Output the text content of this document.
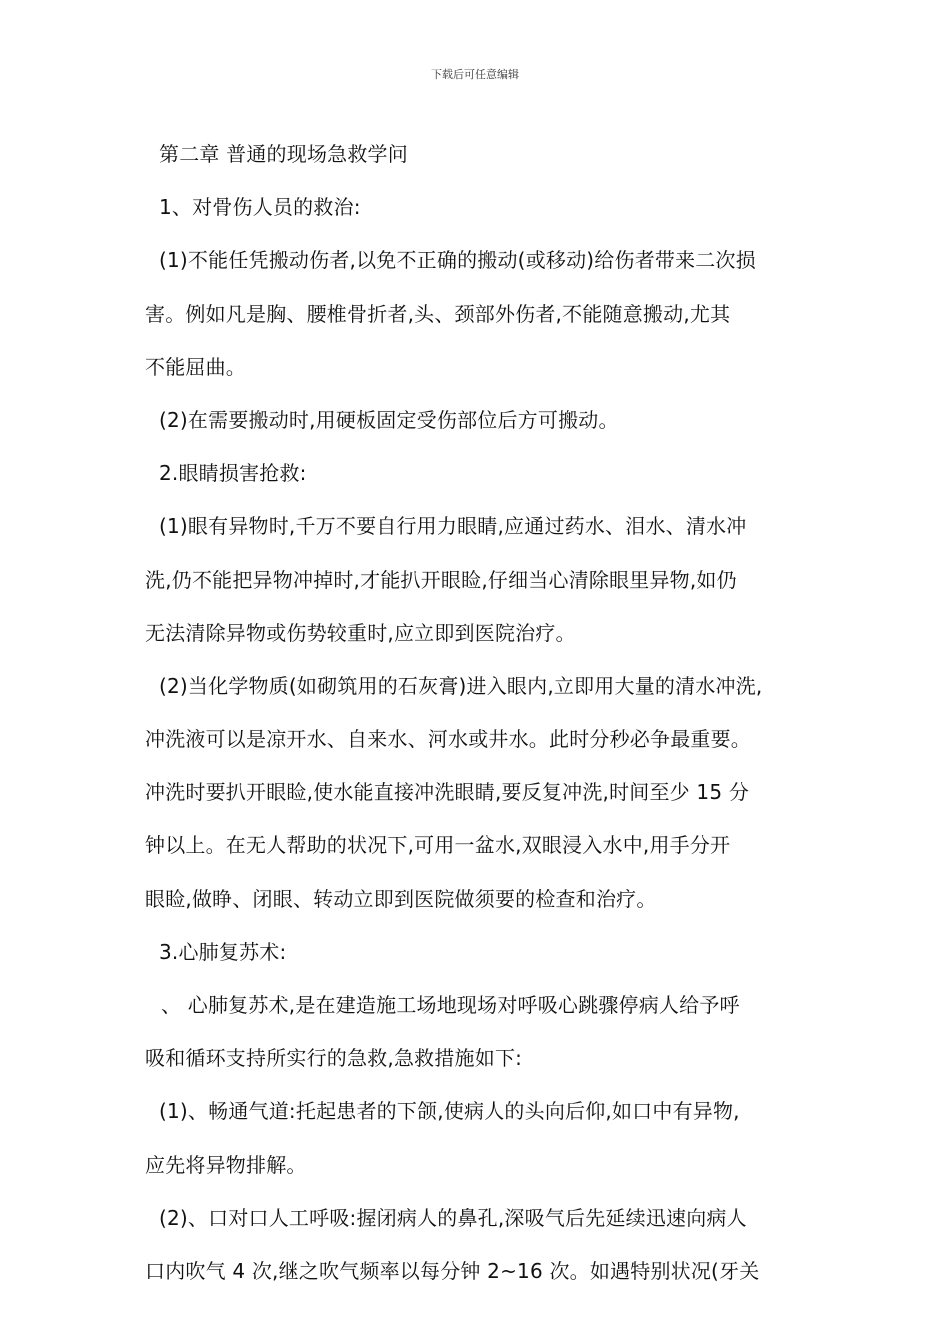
下载后可任意编辑
第二章 普通的现场急救学问
1、对骨伤人员的救治:
(1)不能任凭搬动伤者,以免不正确的搬动(或移动)给伤者带来二次损
害。例如凡是胸、腰椎骨折者,头、颈部外伤者,不能随意搬动,尤其
不能屈曲。
(2)在需要搬动时,用硬板固定受伤部位后方可搬动。
2.眼睛损害抢救:
(1)眼有异物时,千万不要自行用力眼睛,应通过药水、泪水、清水冲
洗,仍不能把异物冲掉时,才能扒开眼睑,仔细当心清除眼里异物,如仍
无法清除异物或伤势较重时,应立即到医院治疗。
(2)当化学物质(如砌筑用的石灰膏)进入眼内,立即用大量的清水冲洗,
冲洗液可以是凉开水、自来水、河水或井水。此时分秒必争最重要。
冲洗时要扒开眼睑,使水能直接冲洗眼睛,要反复冲洗,时间至少 15 分
钟以上。在无人帮助的状况下,可用一盆水,双眼浸入水中,用手分开
眼睑,做睁、闭眼、转动立即到医院做须要的检查和治疗。
3.心肺复苏术:
、 心肺复苏术,是在建造施工场地现场对呼吸心跳骤停病人给予呼
吸和循环支持所实行的急救,急救措施如下:
(1)、畅通气道:托起患者的下颌,使病人的头向后仰,如口中有异物,
应先将异物排解。
(2)、口对口人工呼吸:握闭病人的鼻孔,深吸气后先延续迅速向病人
口内吹气 4 次,继之吹气频率以每分钟 2~16 次。如遇特别状况(牙关
